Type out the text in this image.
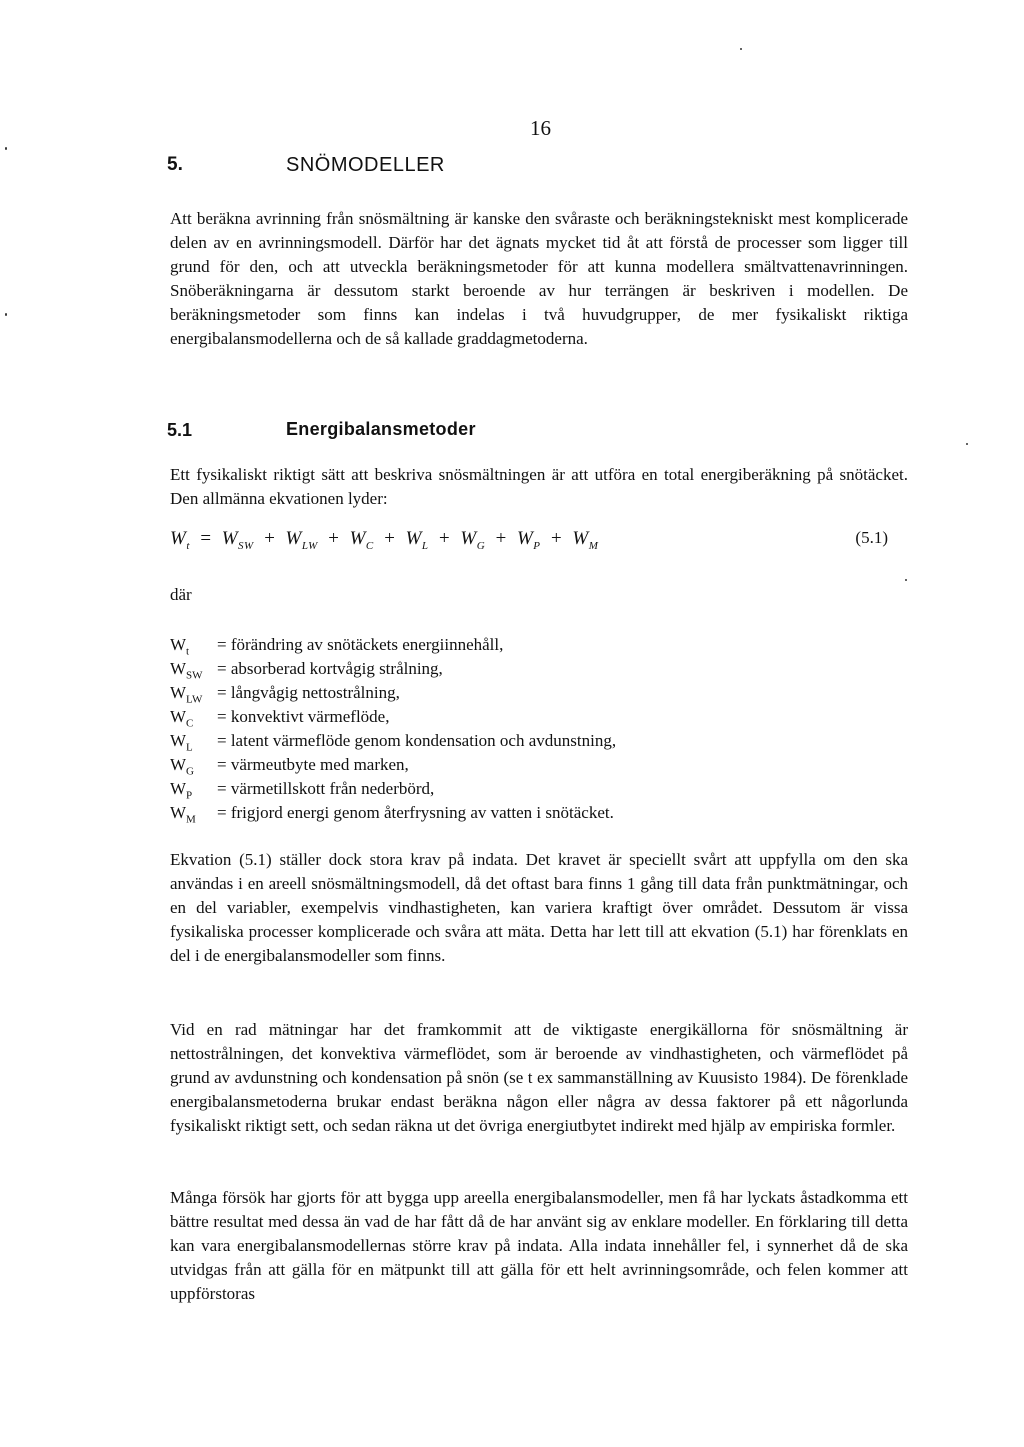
16
5.	SNÖMODELLER

Att beräkna avrinning från snösmältning är kanske den svåraste och beräkningstekniskt mest komplicerade delen av en avrinningsmodell. Därför har det ägnats mycket tid åt att förstå de processer som ligger till grund för den, och att utveckla beräkningsmetoder för att kunna modellera smältvattenavrinningen. Snöberäkningarna är dessutom starkt beroende av hur terrängen är beskriven i modellen. De beräkningsmetoder som finns kan indelas i två huvudgrupper, de mer fysikaliskt riktiga energibalansmodellerna och de så kallade graddagmetoderna.

5.1	Energibalansmetoder

Ett fysikaliskt riktigt sätt att beskriva snösmältningen är att utföra en total energiberäkning på snötäcket. Den allmänna ekvationen lyder:

$W_t = W_{SW} + W_{LW} + W_C + W_L + W_G + W_P + W_M$	(5.1)
där
$W_t$	= förändring av snötäckets energiinnehåll,
$W_{SW}$ = absorberad kortvågig strålning,
$W_{LW}$ = långvågig nettostrålning,
$W_C$	= konvektivt värmeflöde,
$W_L$	= latent värmeflöde genom kondensation och avdunstning,
$W_G$	= värmeutbyte med marken,
$W_P$	= värmetillskott från nederbörd,
$W_M$	= frigjord energi genom återfrysning av vatten i snötäcket.

Ekvation (5.1) ställer dock stora krav på indata. Det kravet är speciellt svårt att uppfylla om den ska användas i en areell snösmältningsmodell, då det oftast bara finns 1 gång till data från punktmätningar, och en del variabler, exempelvis vindhastigheten, kan variera kraftigt över området. Dessutom är vissa fysikaliska processer komplicerade och svåra att mäta. Detta har lett till att ekvation (5.1) har förenklats en del i de energibalansmodeller som finns.

Vid en rad mätningar har det framkommit att de viktigaste energikällorna för snösmältning är nettostrålningen, det konvektiva värmeflödet, som är beroende av vindhastigheten, och värmeflödet på grund av avdunstning och kondensation på snön (se t ex sammanställning av Kuusisto 1984). De förenklade energibalansmetoderna brukar endast beräkna någon eller några av dessa faktorer på ett någorlunda fysikaliskt riktigt sett, och sedan räkna ut det övriga energiutbytet indirekt med hjälp av empiriska formler.

Många försök har gjorts för att bygga upp areella energibalansmodeller, men få har lyckats åstadkomma ett bättre resultat med dessa än vad de har fått då de har använt sig av enklare modeller. En förklaring till detta kan vara energibalansmodellernas större krav på indata. Alla indata innehåller fel, i synnerhet då de ska utvidgas från att gälla för en mätpunkt till att gälla för ett helt avrinningsområde, och felen kommer att uppförstoras
